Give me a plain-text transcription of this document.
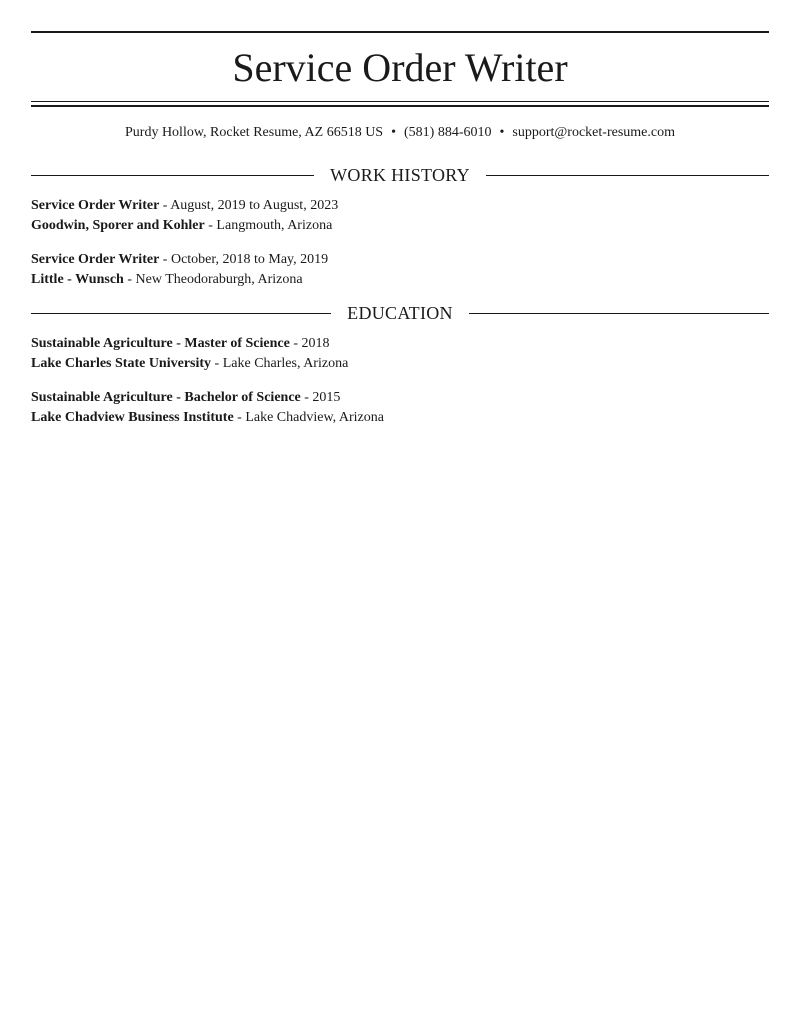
Service Order Writer
Purdy Hollow, Rocket Resume, AZ 66518 US • (581) 884-6010 • support@rocket-resume.com
WORK HISTORY
Service Order Writer - August, 2019 to August, 2023
Goodwin, Sporer and Kohler - Langmouth, Arizona
Service Order Writer - October, 2018 to May, 2019
Little - Wunsch - New Theodoraburgh, Arizona
EDUCATION
Sustainable Agriculture - Master of Science - 2018
Lake Charles State University - Lake Charles, Arizona
Sustainable Agriculture - Bachelor of Science - 2015
Lake Chadview Business Institute - Lake Chadview, Arizona
